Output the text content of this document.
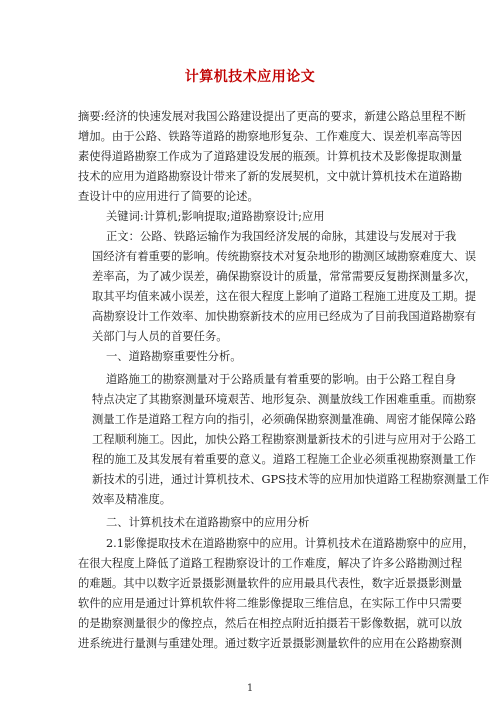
计算机技术应用论文
摘要:经济的快速发展对我国公路建设提出了更高的要求，新建公路总里程不断
增加。由于公路、铁路等道路的勘察地形复杂、工作难度大、误差机率高等因
素使得道路勘察工作成为了道路建设发展的瓶颈。计算机技术及影像提取测量
技术的应用为道路勘察设计带来了新的发展契机，文中就计算机技术在道路勘
查设计中的应用进行了简要的论述。
关键词:计算机;影响提取;道路勘察设计;应用
正文：公路、铁路运输作为我国经济发展的命脉，其建设与发展对于我
国经济有着重要的影响。传统勘察技术对复杂地形的勘测区域勘察难度大、误
差率高，为了减少误差，确保勘察设计的质量，常常需要反复勘探测量多次，
取其平均值来减小误差，这在很大程度上影响了道路工程施工进度及工期。提
高勘察设计工作效率、加快勘察新技术的应用已经成为了目前我国道路勘察有
关部门与人员的首要任务。
一、道路勘察重要性分析。
道路施工的勘察测量对于公路质量有着重要的影响。由于公路工程自身
特点决定了其勘察测量环境艰苦、地形复杂、测量放线工作困难重重。而勘察
测量工作是道路工程方向的指引，必须确保勘察测量准确、周密才能保障公路
工程顺利施工。因此，加快公路工程勘察测量新技术的引进与应用对于公路工
程的施工及其发展有着重要的意义。道路工程施工企业必须重视勘察测量工作
新技术的引进，通过计算机技术、GPS技术等的应用加快道路工程勘察测量工作
效率及精准度。
二、计算机技术在道路勘察中的应用分析
2.1影像提取技术在道路勘察中的应用。计算机技术在道路勘察中的应用，
在很大程度上降低了道路工程勘察设计的工作难度，解决了许多公路勘测过程
的难题。其中以数字近景摄影测量软件的应用最具代表性，数字近景摄影测量
软件的应用是通过计算机软件将二维影像提取三维信息，在实际工作中只需要
的是勘察测量很少的像控点，然后在相控点附近拍摄若干影像数据，就可以放
进系统进行量测与重建处理。通过数字近景摄影测量软件的应用在公路勘察测
1
